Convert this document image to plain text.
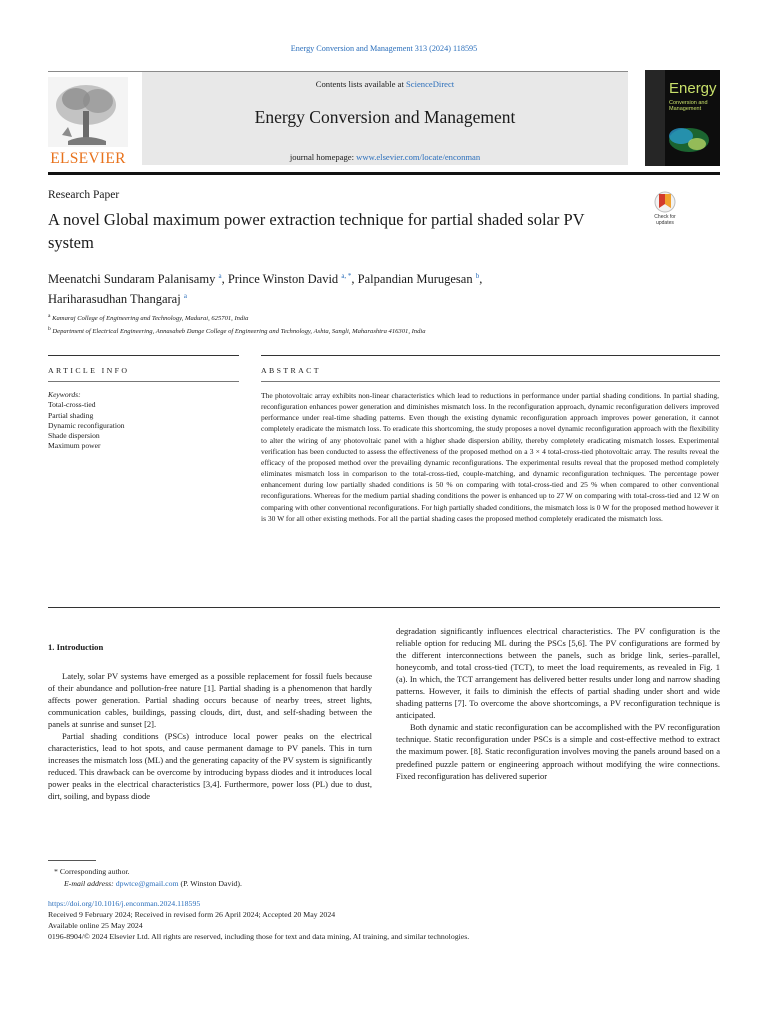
Energy Conversion and Management 313 (2024) 118595
Contents lists available at ScienceDirect
Energy Conversion and Management
journal homepage: www.elsevier.com/locate/enconman
ELSEVIER
Energy
Conversion and Management
Research Paper
A novel Global maximum power extraction technique for partial shaded solar PV system
Check for updates
Meenatchi Sundaram Palanisamy $^a$, Prince Winston David $^{a, *}$, Palpandian Murugesan $^b$,
Hariharasudhan Thangaraj $^a$
$^a$ Kamaraj College of Engineering and Technology, Madurai, 625701, India
$^b$ Department of Electrical Engineering, Annasaheb Dange College of Engineering and Technology, Ashta, Sangli, Maharashtra 416301, India
ARTICLE INFO	ABSTRACT
Keywords:
Total-cross-tied
Partial shading
Dynamic reconfiguration
Shade dispersion
Maximum power
The photovoltaic array exhibits non-linear characteristics which lead to reductions in performance under partial shading conditions. In partial shading, reconfiguration enhances power generation and diminishes mismatch loss. In the reconfiguration approach, dynamic reconfiguration delivers improved performance under real-time shading patterns. Even though the existing dynamic reconfiguration approach improves power generation, it cannot completely eradicate the mismatch loss. To eradicate this shortcoming, the study proposes a novel dynamic reconfiguration approach with the flexibility to alter the wiring of any photovoltaic panel with a higher shade dispersion ability, thereby completely eradicating mismatch losses. Experimental verification has been conducted to assess the effectiveness of the proposed method on a 3 × 4 total-cross-tied photovoltaic array. The results reveal the efficacy of the proposed method over the prevailing dynamic reconfigurations. The experimental results reveal that the proposed method completely eliminates mismatch loss in comparison to the total-cross-tied, couple-matching, and dynamic reconfiguration techniques. The percentage power enhancement during low partially shaded conditions is 50 % on comparing with total-cross-tied and 25 % when compared to other conventional reconfigurations. Whereas for the medium partial shading conditions the power is enhanced up to 27 W on comparing with total-cross-tied and 12 W on comparing with other conventional reconfigurations. For high partially shaded conditions, the mismatch loss is 0 W for the proposed method however it is 30 W for all other existing methods. For all the partial shading cases the proposed method completely eradicated the mismatch loss.
1. Introduction

Lately, solar PV systems have emerged as a possible replacement for fossil fuels because of their abundance and pollution-free nature [1]. Partial shading is a phenomenon that hardly affects power generation. Partial shading occurs because of nearby trees, street lights, communication cables, buildings, passing clouds, dirt, dust, and self-shading between the panels at sunrise and sunset [2].

Partial shading conditions (PSCs) introduce local power peaks on the electrical characteristics, lead to hot spots, and cause permanent damage to PV panels. This in turn increases the mismatch loss (ML) and the generating capacity of the PV system is significantly reduced. This drawback can be overcome by introducing bypass diodes and it introduces local power peaks in the electrical characteristics [3,4]. Furthermore, power loss (PL) due to dust, dirt, soiling, and bypass diode

degradation significantly influences electrical characteristics. The PV configuration is the reliable option for reducing ML during the PSCs [5,6]. The PV configurations are formed by the different interconnections between the panels, such as bridge link, series–parallel, honeycomb, and total cross-tied (TCT), to meet the load requirements, as revealed in Fig. 1 (a). In which, the TCT arrangement has delivered better results under long and narrow shading patterns. However, it fails to diminish the effects of partial shading under short and wide shading patterns [7]. To overcome the above shortcomings, a PV reconfiguration technique is anticipated.

Both dynamic and static reconfiguration can be accomplished with the PV reconfiguration technique. Static reconfiguration under PSCs is a simple and cost-effective method to extract the maximum power. [8]. Static reconfiguration involves moving the panels around based on a predefined puzzle pattern or engineering approach without modifying the wire connections. Fixed reconfiguration has delivered superior

* Corresponding author.
E-mail address: dpwtce@gmail.com (P. Winston David).
https://doi.org/10.1016/j.enconman.2024.118595
Received 9 February 2024; Received in revised form 26 April 2024; Accepted 20 May 2024
Available online 25 May 2024
0196-8904/© 2024 Elsevier Ltd. All rights are reserved, including those for text and data mining, AI training, and similar technologies.
